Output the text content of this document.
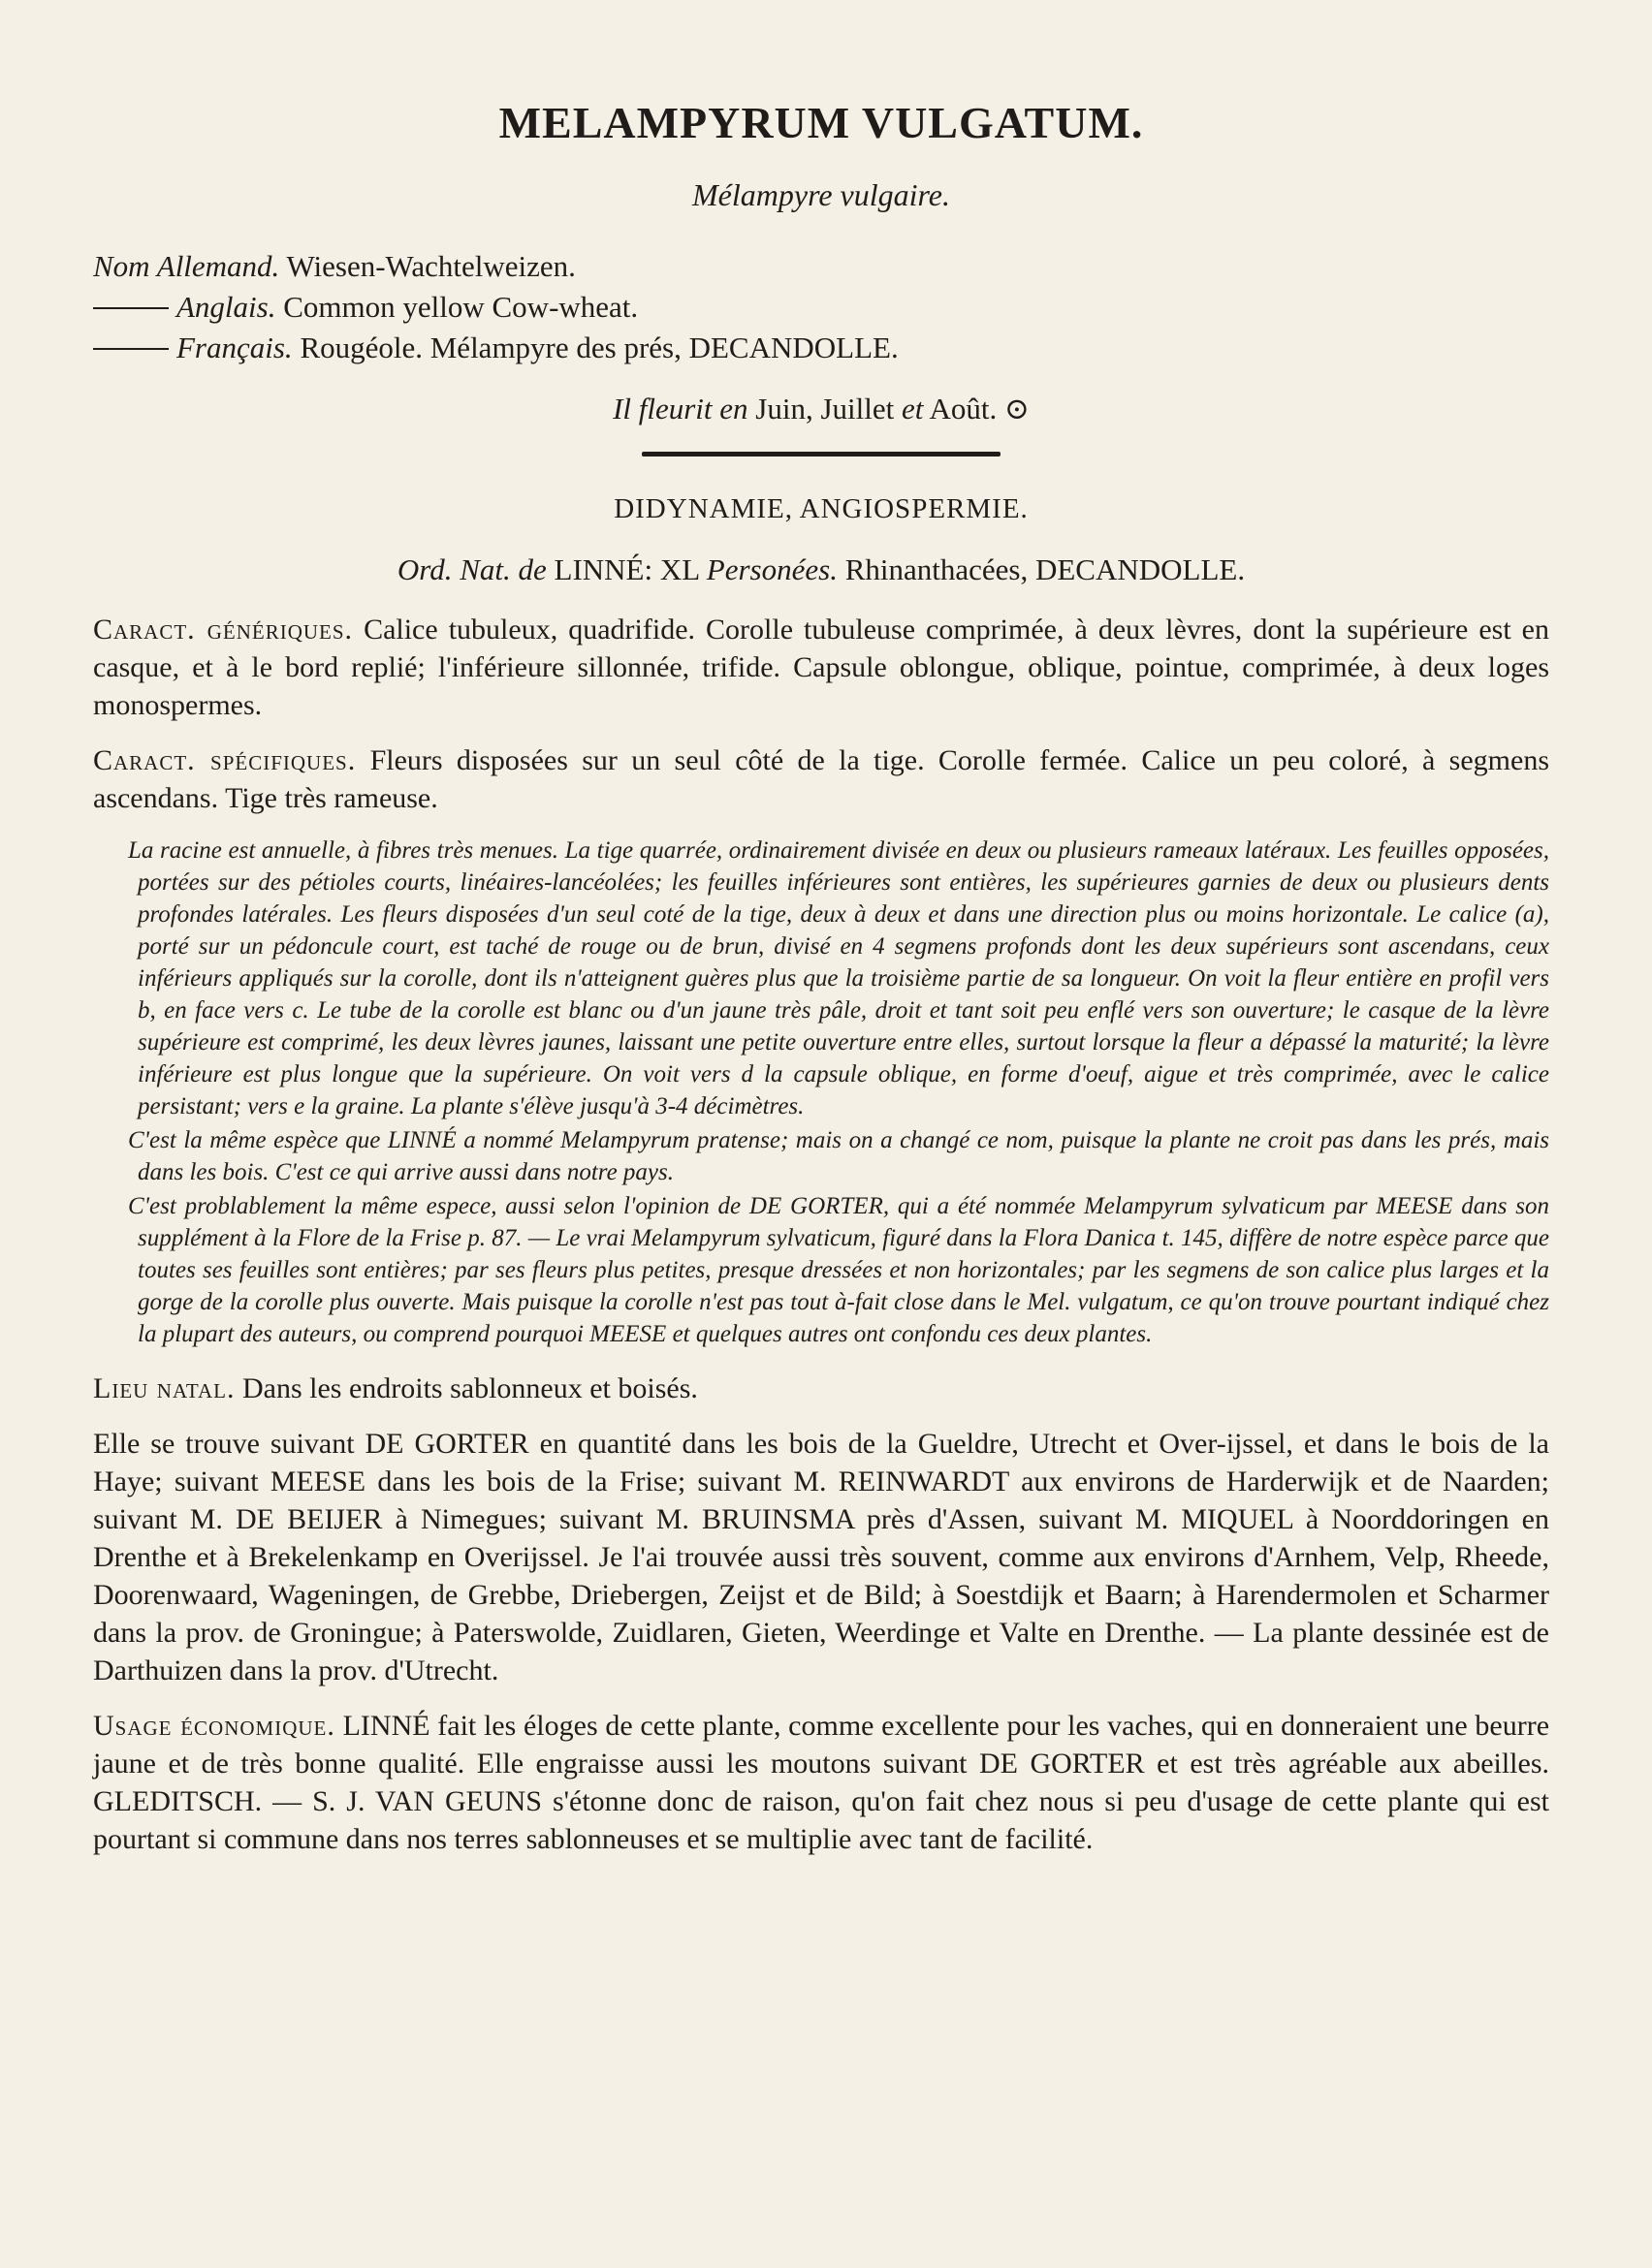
MELAMPYRUM VULGATUM.
Mélampyre vulgaire.
Nom Allemand. Wiesen-Wachtelweizen.
Anglais. Common yellow Cow-wheat.
Français. Rougéole. Mélampyre des prés, DECANDOLLE.
Il fleurit en Juin, Juillet et Août. ⊙
DIDYNAMIE, ANGIOSPERMIE.
Ord. Nat. de LINNÉ: XL Personées. Rhinanthacées, DECANDOLLE.
Caract. génériques. Calice tubuleux, quadrifide. Corolle tubuleuse comprimée, à deux lèvres, dont la supérieure est en casque, et à le bord replié; l'inférieure sillonnée, trifide. Capsule oblongue, oblique, pointue, comprimée, à deux loges monospermes.
Caract. spécifiques. Fleurs disposées sur un seul côté de la tige. Corolle fermée. Calice un peu coloré, à segmens ascendans. Tige très rameuse.

La racine est annuelle, à fibres très menues. La tige quarrée, ordinairement divisée en deux ou plusieurs rameaux latéraux. Les feuilles opposées, portées sur des pétioles courts, linéaires-lancéolées; les feuilles inférieures sont entières, les supérieures garnies de deux ou plusieurs dents profondes latérales. Les fleurs disposées d'un seul coté de la tige, deux à deux et dans une direction plus ou moins horizontale. Le calice (a), porté sur un pédoncule court, est taché de rouge ou de brun, divisé en 4 segmens profonds dont les deux supérieurs sont ascendans, ceux inférieurs appliqués sur la corolle, dont ils n'atteignent guères plus que la troisième partie de sa longueur. On voit la fleur entière en profil vers b, en face vers c. Le tube de la corolle est blanc ou d'un jaune très pâle, droit et tant soit peu enflé vers son ouverture; le casque de la lèvre supérieure est comprimé, les deux lèvres jaunes, laissant une petite ouverture entre elles, surtout lorsque la fleur a dépassé la maturité; la lèvre inférieure est plus longue que la supérieure. On voit vers d la capsule oblique, en forme d'oeuf, aigue et très comprimée, avec le calice persistant; vers e la graine. La plante s'élève jusqu'à 3-4 décimètres.

C'est la même espèce que LINNÉ a nommé Melampyrum pratense; mais on a changé ce nom, puisque la plante ne croit pas dans les prés, mais dans les bois. C'est ce qui arrive aussi dans notre pays.

C'est problablement la même espece, aussi selon l'opinion de DE GORTER, qui a été nommée Melampyrum sylvaticum par MEESE dans son supplément à la Flore de la Frise p. 87. — Le vrai Melampyrum sylvaticum, figuré dans la Flora Danica t. 145, diffère de notre espèce parce que toutes ses feuilles sont entières; par ses fleurs plus petites, presque dressées et non horizontales; par les segmens de son calice plus larges et la gorge de la corolle plus ouverte. Mais puisque la corolle n'est pas tout à-fait close dans le Mel. vulgatum, ce qu'on trouve pourtant indiqué chez la plupart des auteurs, ou comprend pourquoi MEESE et quelques autres ont confondu ces deux plantes.

Lieu natal. Dans les endroits sablonneux et boisés.
Elle se trouve suivant DE GORTER en quantité dans les bois de la Gueldre, Utrecht et Over-ijssel, et dans le bois de la Haye; suivant MEESE dans les bois de la Frise; suivant M. REINWARDT aux environs de Harderwijk et de Naarden; suivant M. DE BEIJER à Nimegues; suivant M. BRUINSMA près d'Assen, suivant M. MIQUEL à Noorddoringen en Drenthe et à Brekelenkamp en Overijssel. Je l'ai trouvée aussi très souvent, comme aux environs d'Arnhem, Velp, Rheede, Doorenwaard, Wageningen, de Grebbe, Driebergen, Zeijst et de Bild; à Soestdijk et Baarn; à Harendermolen et Scharmer dans la prov. de Groningue; à Paterswolde, Zuidlaren, Gieten, Weerdinge et Valte en Drenthe. — La plante dessinée est de Darthuizen dans la prov. d'Utrecht.
Usage économique. LINNÉ fait les éloges de cette plante, comme excellente pour les vaches, qui en donneraient une beurre jaune et de très bonne qualité. Elle engraisse aussi les moutons suivant DE GORTER et est très agréable aux abeilles. GLEDITSCH. — S. J. VAN GEUNS s'étonne donc de raison, qu'on fait chez nous si peu d'usage de cette plante qui est pourtant si commune dans nos terres sablonneuses et se multiplie avec tant de facilité.
